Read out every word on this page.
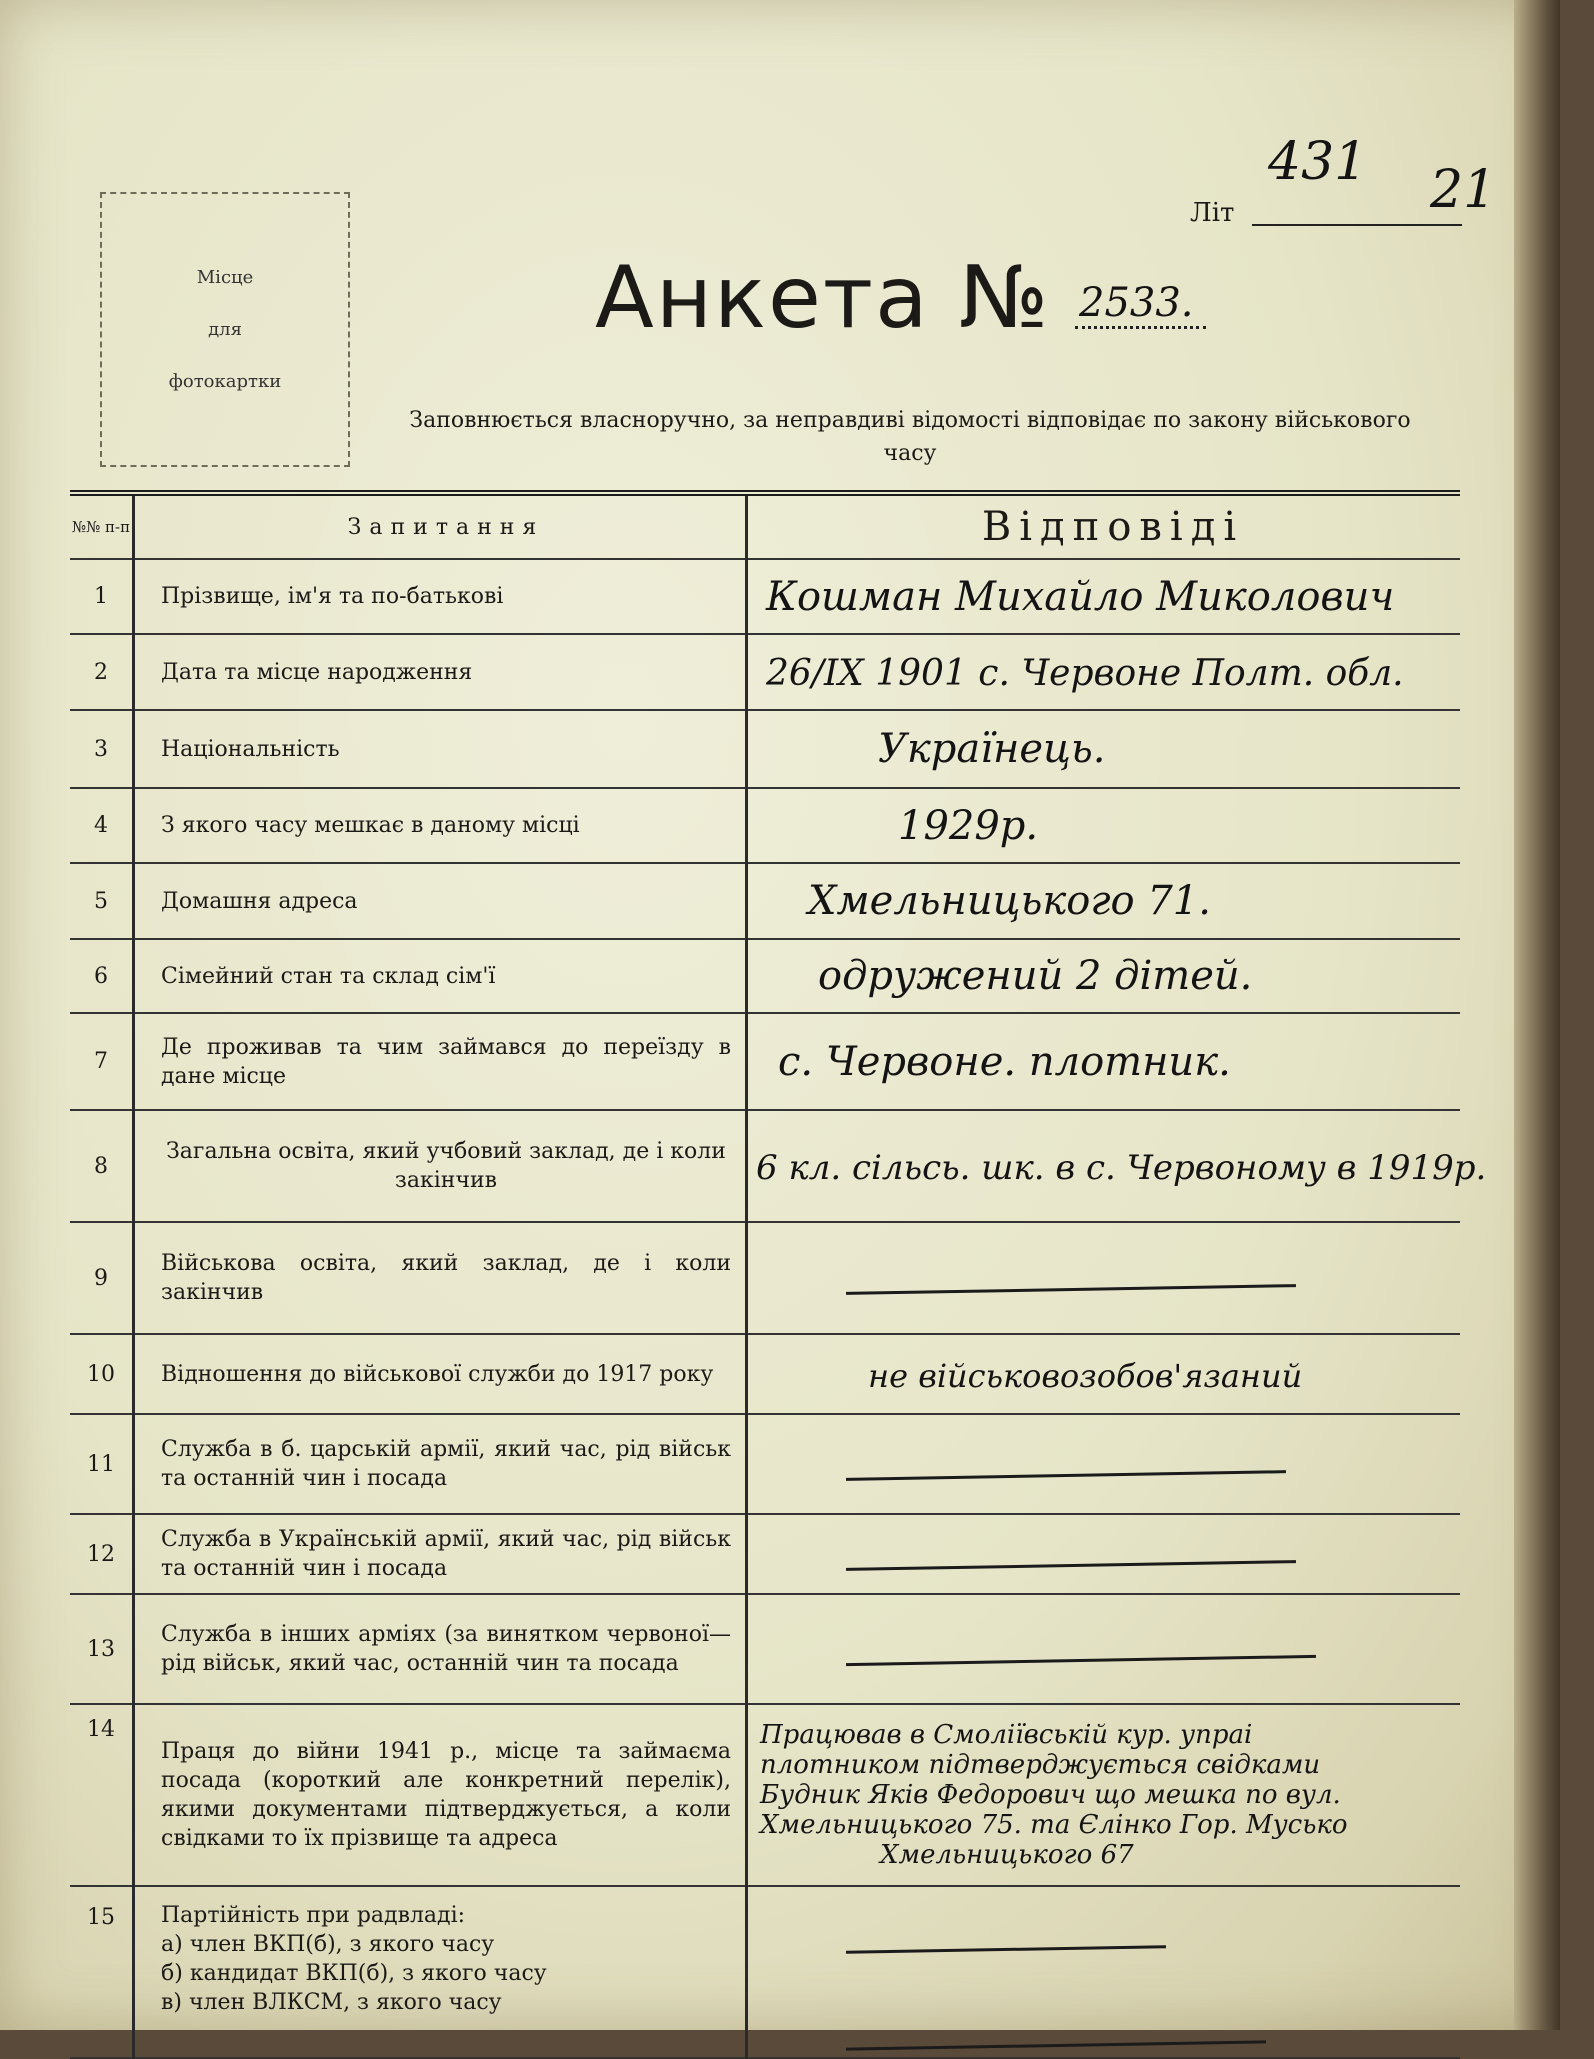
Місце
для
фотокартки
Літ
431 21
Анкета № 2533.
Заповнюється власноручно, за неправдиві відомості відповідає по закону військового часу
№№ п-п	Запитання	Відповіді
1	Прізвище, ім'я та по-батькові	Кошман Михайло Миколович
2	Дата та місце народження	26/IX 1901 с. Червоне Полт. обл.
3	Національність	Українець.
4	З якого часу мешкає в даному місці	1929р.
5	Домашня адреса	Хмельницького 71.
6	Сімейний стан та склад сім'ї	одружений 2 дітей.
7	Де проживав та чим займався до переїзду в дане місце	с. Червоне. плотник.
8	Загальна освіта, який учбовий заклад, де і коли закінчив	6 кл. сільсь. шк. в с. Червоному в 1919р.
9	Військова освіта, який заклад, де і коли закінчив	
10	Відношення до військової служби до 1917 року	не військовозобов'язаний
11	Служба в б. царській армії, який час, рід військ та останній чин і посада	
12	Служба в Українській армії, який час, рід військ та останній чин і посада	
13	Служба в інших арміях (за винятком червоної—рід військ, який час, останній чин та посада	
14	Праця до війни 1941 р., місце та займаєма посада (короткий але конкретний перелік), якими документами підтверджується, а коли свідками то їх прізвище та адреса	Працював в Смоліївській кур. упраі
плотником підтверджується свідками
Будник Яків Федорович що мешка по вул.
Хмельницького 75. та Єлінко Гор. Мусько
Хмельницького 67

15	Партійність при радвладі:
а) член ВКП(б), з якого часу
б) кандидат ВКП(б), з якого часу
в) член ВЛКСМ, з якого часу	
